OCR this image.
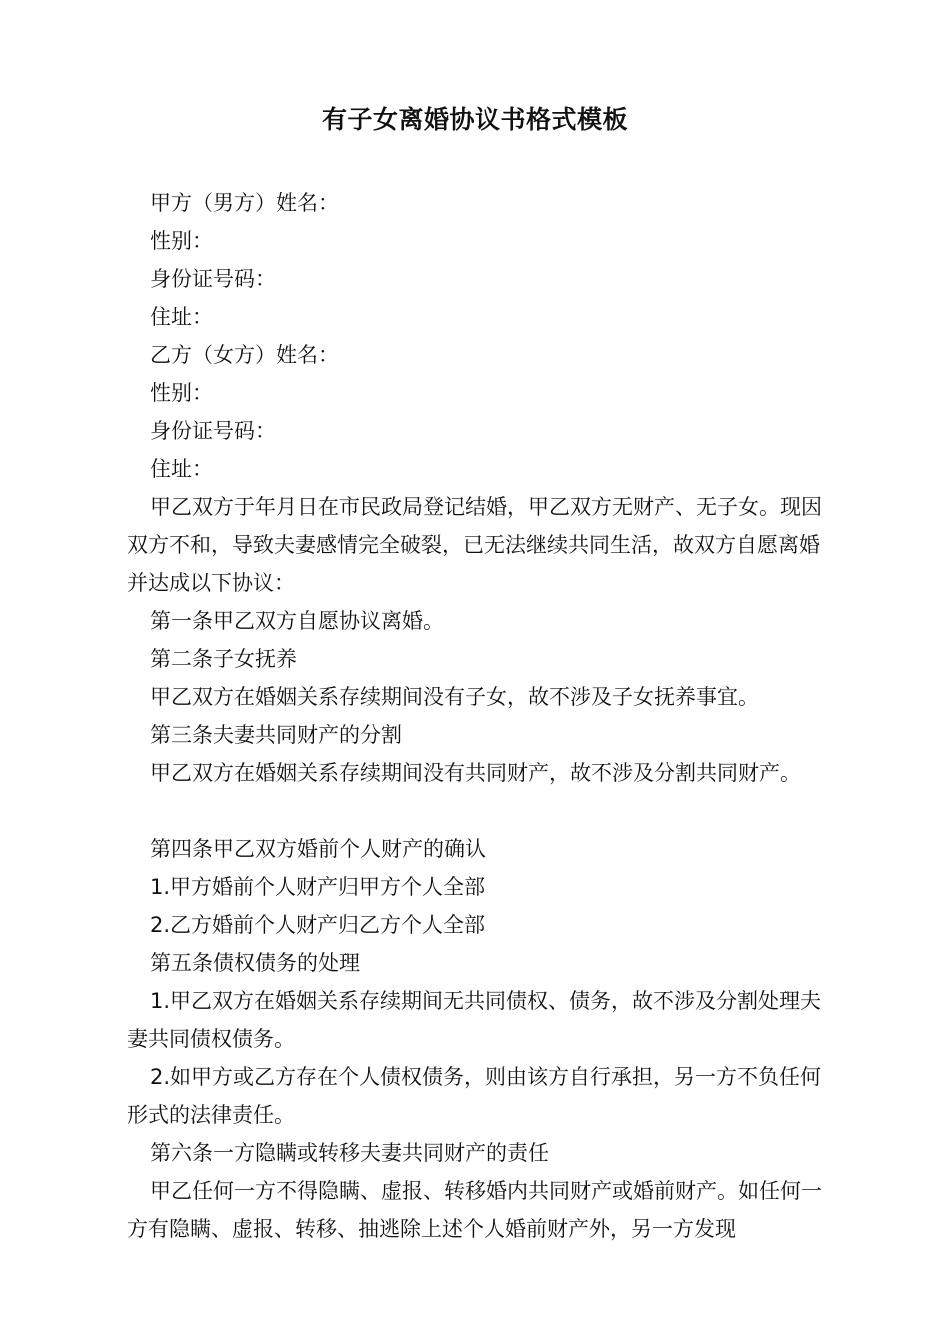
有子女离婚协议书格式模板

甲方（男方）姓名：

性别：

身份证号码：

住址：

乙方（女方）姓名：

性别：

身份证号码：

住址：

甲乙双方于年月日在市民政局登记结婚，甲乙双方无财产、无子女。现因双方不和，导致夫妻感情完全破裂，已无法继续共同生活，故双方自愿离婚并达成以下协议：

第一条甲乙双方自愿协议离婚。

第二条子女抚养

甲乙双方在婚姻关系存续期间没有子女，故不涉及子女抚养事宜。

第三条夫妻共同财产的分割

甲乙双方在婚姻关系存续期间没有共同财产，故不涉及分割共同财产。

第四条甲乙双方婚前个人财产的确认

1.甲方婚前个人财产归甲方个人全部

2.乙方婚前个人财产归乙方个人全部

第五条债权债务的处理

1.甲乙双方在婚姻关系存续期间无共同债权、债务，故不涉及分割处理夫妻共同债权债务。

2.如甲方或乙方存在个人债权债务，则由该方自行承担，另一方不负任何形式的法律责任。

第六条一方隐瞒或转移夫妻共同财产的责任

甲乙任何一方不得隐瞒、虚报、转移婚内共同财产或婚前财产。如任何一方有隐瞒、虚报、转移、抽逃除上述个人婚前财产外，另一方发现
